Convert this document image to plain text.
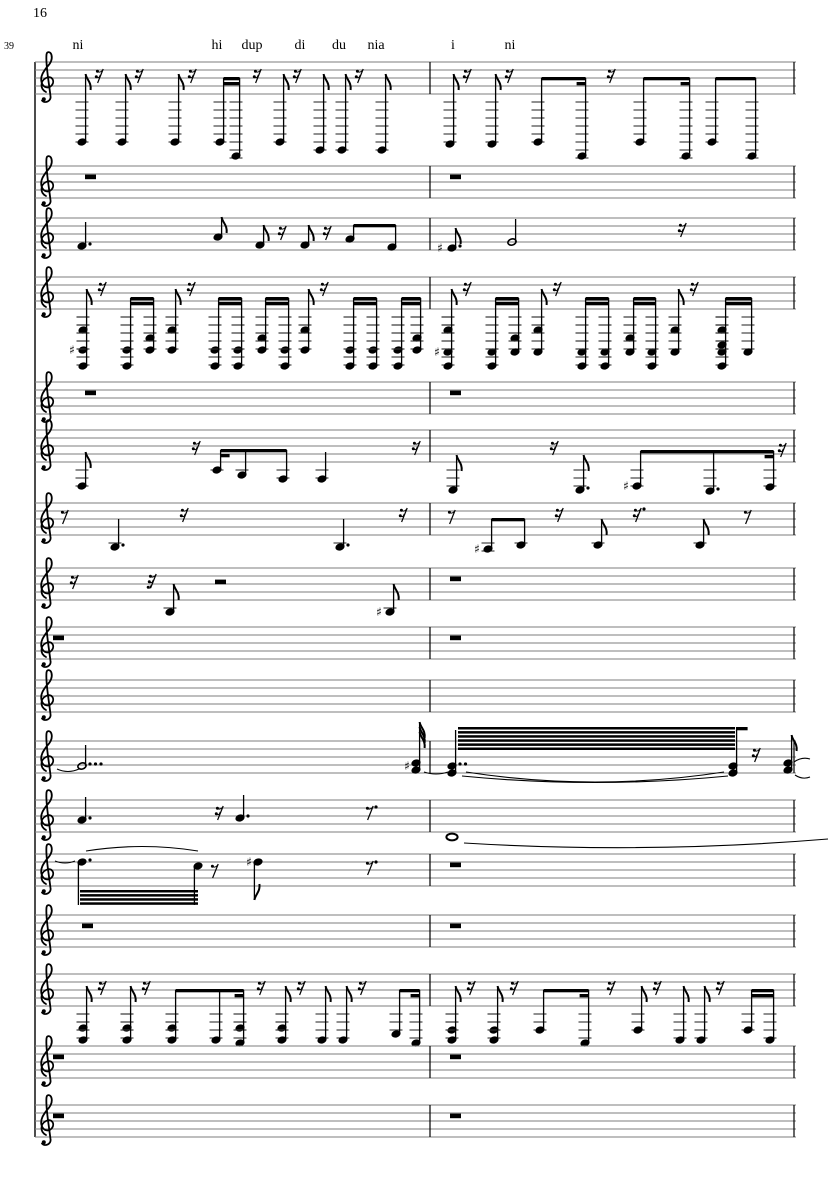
16
39	ni	hi dup di du nia	i	ni
♯
♯	♯
♯
♯
♯
♯
♯
